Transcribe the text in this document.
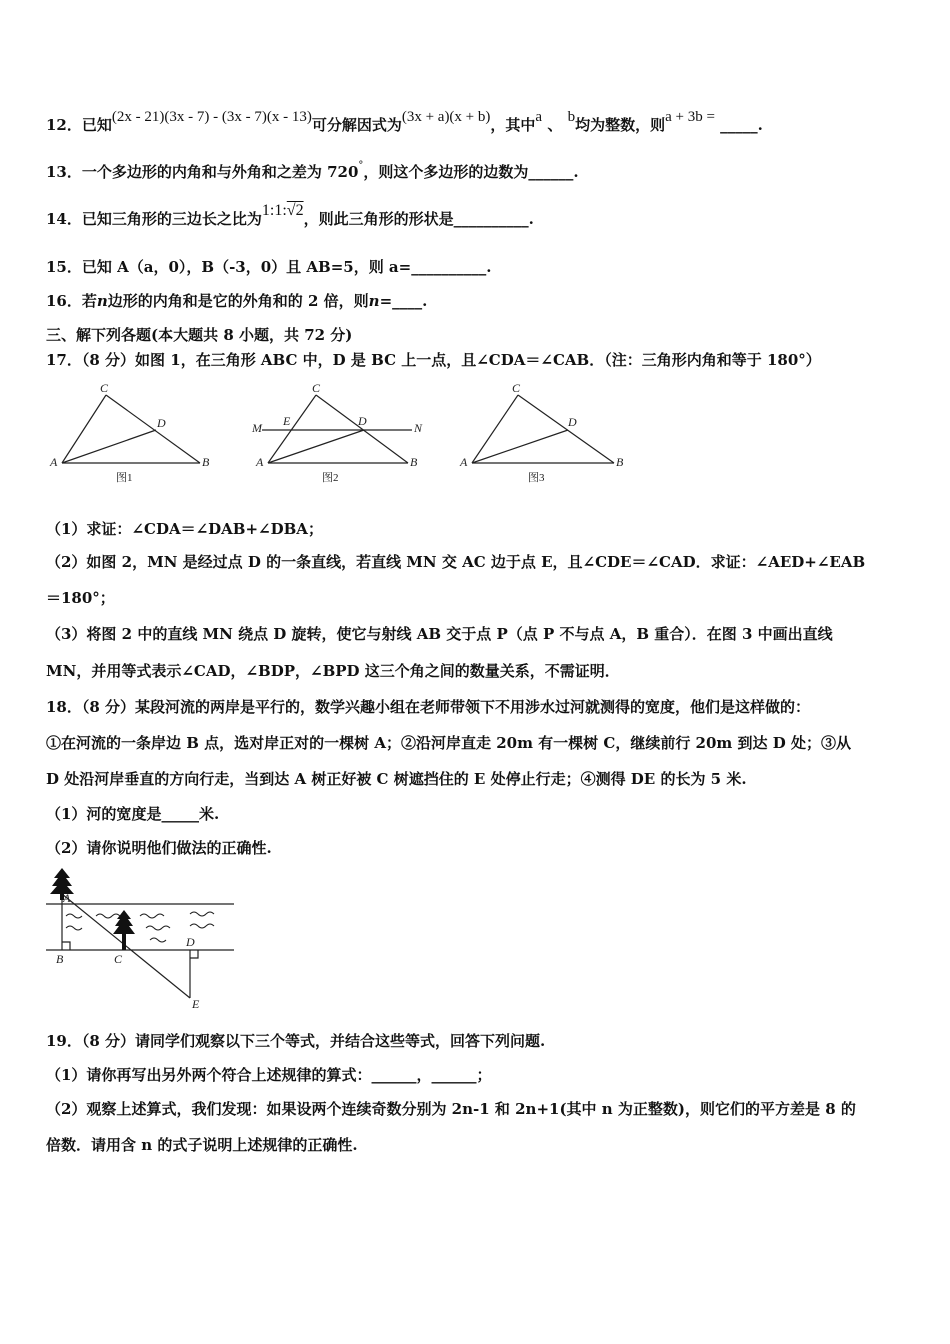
12．已知(2x - 21)(3x - 7) - (3x - 7)(x - 13)可分解因式为(3x + a)(x + b)，其中a 、 b均为整数，则a + 3b = _____.
13．一个多边形的内角和与外角和之差为 720°，则这个多边形的边数为______.
14．已知三角形的三边长之比为1:1:√2，则此三角形的形状是__________.
15．已知 A（a，0），B（-3，0）且 AB=5，则 a=__________.
16．若n边形的内角和是它的外角和的 2 倍，则n=____.
三、解下列各题(本大题共 8 小题，共 72 分)
17．（8 分）如图 1，在三角形 ABC 中，D 是 BC 上一点，且∠CDA＝∠CAB．（注：三角形内角和等于 180°）
C
D
A	B
图1
C
M E	D	N
A	B
图2
C
D
A	B
图3
（1）求证：∠CDA＝∠DAB+∠DBA；
（2）如图 2，MN 是经过点 D 的一条直线，若直线 MN 交 AC 边于点 E，且∠CDE＝∠CAD．求证：∠AED+∠EAB
＝180°；
（3）将图 2 中的直线 MN 绕点 D 旋转，使它与射线 AB 交于点 P（点 P 不与点 A，B 重合）．在图 3 中画出直线
MN，并用等式表示∠CAD，∠BDP，∠BPD 这三个角之间的数量关系，不需证明．
18．（8 分）某段河流的两岸是平行的，数学兴趣小组在老师带领下不用涉水过河就测得的宽度，他们是这样做的：
①在河流的一条岸边 B 点，选对岸正对的一棵树 A；②沿河岸直走 20m 有一棵树 C，继续前行 20m 到达 D 处；③从
D 处沿河岸垂直的方向行走，当到达 A 树正好被 C 树遮挡住的 E 处停止行走；④测得 DE 的长为 5 米.
（1）河的宽度是_____米.
（2）请你说明他们做法的正确性.
A
B	C
D
E
19．（8 分）请同学们观察以下三个等式，并结合这些等式，回答下列问题.
（1）请你再写出另外两个符合上述规律的算式：______，______；
（2）观察上述算式，我们发现：如果设两个连续奇数分别为 2n-1 和 2n+1(其中 n 为正整数)，则它们的平方差是 8 的
倍数．请用含 n 的式子说明上述规律的正确性.
